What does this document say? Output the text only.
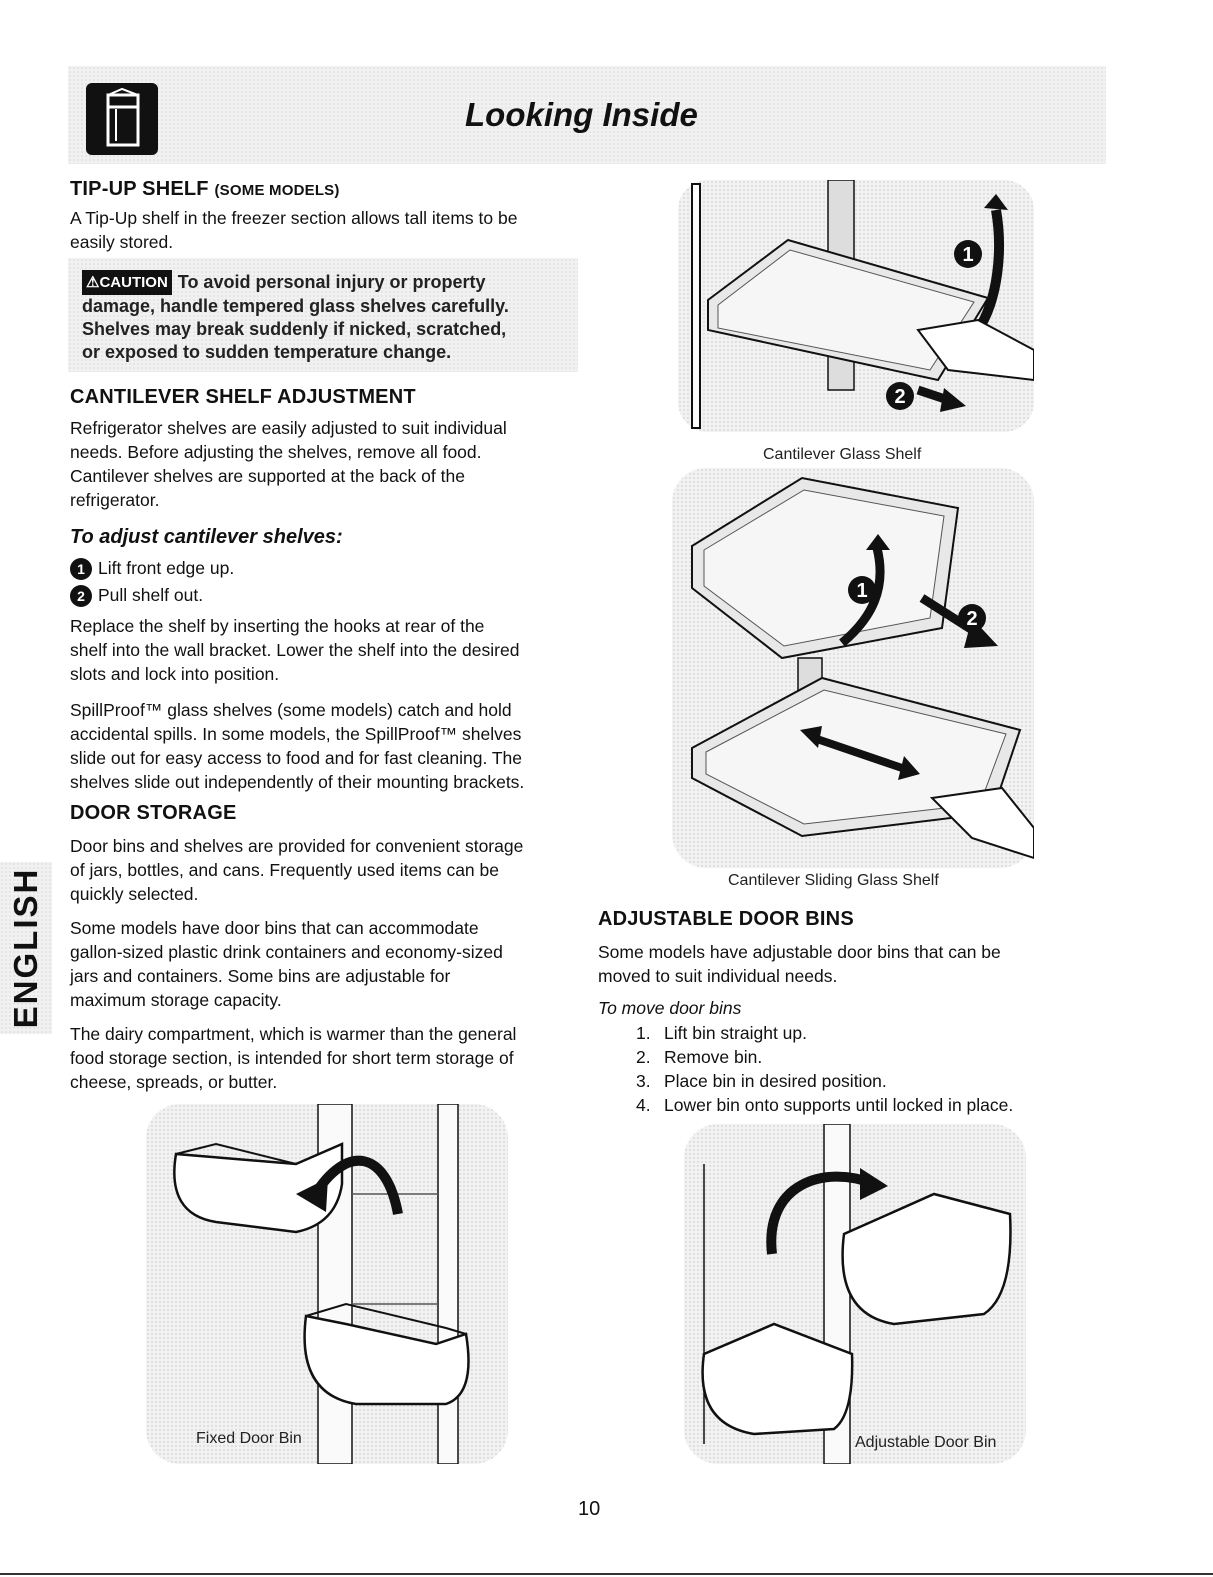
Looking Inside
ENGLISH
TIP-UP SHELF (SOME MODELS)

A Tip-Up shelf in the freezer section allows tall items to be

easily stored.

⚠CAUTION To avoid personal injury or property
damage, handle tempered glass shelves carefully.
Shelves may break suddenly if nicked, scratched,
or exposed to sudden temperature change.

CANTILEVER SHELF ADJUSTMENT

Refrigerator shelves are easily adjusted to suit individual

needs. Before adjusting the shelves, remove all food.

Cantilever shelves are supported at the back of the

refrigerator.

To adjust cantilever shelves:

1 Lift front edge up.
2 Pull shelf out.

Replace the shelf by inserting the hooks at rear of the

shelf into the wall bracket. Lower the shelf into the desired

slots and lock into position.

SpillProof™ glass shelves (some models) catch and hold

accidental spills. In some models, the SpillProof™ shelves

slide out for easy access to food and for fast cleaning. The

shelves slide out independently of their mounting brackets.

DOOR STORAGE

Door bins and shelves are provided for convenient storage

of jars, bottles, and cans. Frequently used items can be

quickly selected.

Some models have door bins that can accommodate

gallon-sized plastic drink containers and economy-sized

jars and containers. Some bins are adjustable for

maximum storage capacity.

The dairy compartment, which is warmer than the general

food storage section, is intended for short term storage of

cheese, spreads, or butter.

1
2
Cantilever Glass Shelf
1
2
Cantilever Sliding Glass Shelf
ADJUSTABLE DOOR BINS

Some models have adjustable door bins that can be

moved to suit individual needs.

To move door bins

1. Lift bin straight up.
2. Remove bin.
3. Place bin in desired position.
4. Lower bin onto supports until locked in place.
Fixed Door Bin	Adjustable Door Bin
10
